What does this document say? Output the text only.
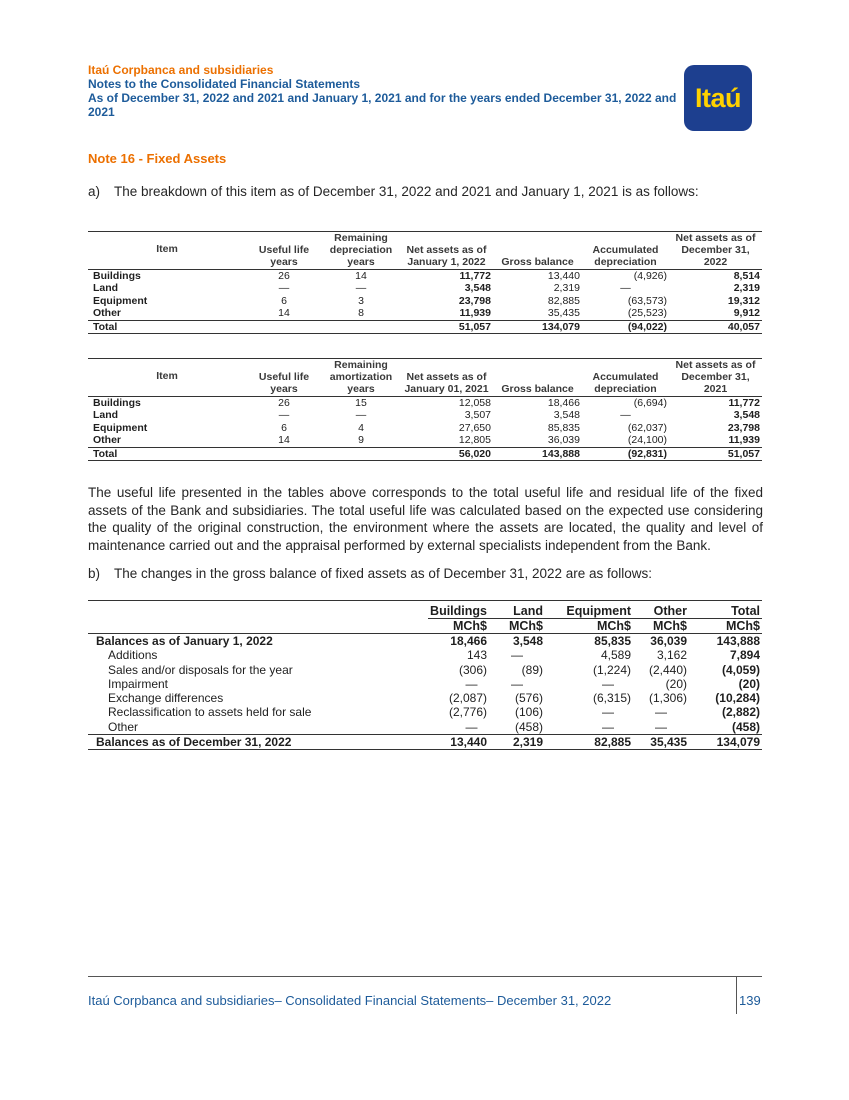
Itaú Corpbanca and subsidiaries
Notes to the Consolidated Financial Statements
As of December 31, 2022 and 2021 and January 1, 2021 and for the years ended December 31, 2022 and 2021	Itaú
Note 16 - Fixed Assets
a) The breakdown of this item as of December 31, 2022 and 2021 and January 1, 2021 is as follows:
Item	Useful life years	Remaining depreciation years	Net assets as of January 1, 2022	Gross balance	Accumulated depreciation	Net assets as of December 31, 2022
Buildings	26	14	11,772	13,440	(4,926)	8,514
Land	—	—	3,548	2,319	—	2,319
Equipment	6	3	23,798	82,885	(63,573)	19,312
Other	14	8	11,939	35,435	(25,523)	9,912
Total			51,057	134,079	(94,022)	40,057
Item	Useful life years	Remaining amortization years	Net assets as of January 01, 2021	Gross balance	Accumulated depreciation	Net assets as of December 31, 2021
Buildings	26	15	12,058	18,466	(6,694)	11,772
Land	—	—	3,507	3,548	—	3,548
Equipment	6	4	27,650	85,835	(62,037)	23,798
Other	14	9	12,805	36,039	(24,100)	11,939
Total			56,020	143,888	(92,831)	51,057
The useful life presented in the tables above corresponds to the total useful life and residual life of the fixed assets of the Bank and subsidiaries. The total useful life was calculated based on the expected use considering the quality of the original construction, the environment where the assets are located, the quality and level of maintenance carried out and the appraisal performed by external specialists independent from the Bank.
b) The changes in the gross balance of fixed assets as of December 31, 2022 are as follows:

	Buildings	Land	Equipment	Other	Total
	MCh$	MCh$	MCh$	MCh$	MCh$
Balances as of January 1, 2022	18,466	3,548	85,835	36,039	143,888
Additions	143	—	4,589	3,162	7,894
Sales and/or disposals for the year	(306)	(89)	(1,224)	(2,440)	(4,059)
Impairment	—	—	—	(20)	(20)
Exchange differences	(2,087)	(576)	(6,315)	(1,306)	(10,284)
Reclassification to assets held for sale	(2,776)	(106)	—	—	(2,882)
Other	—	(458)	—	—	(458)
Balances as of December 31, 2022	13,440	2,319	82,885	35,435	134,079
Itaú Corpbanca and subsidiaries– Consolidated Financial Statements– December 31, 2022	139
